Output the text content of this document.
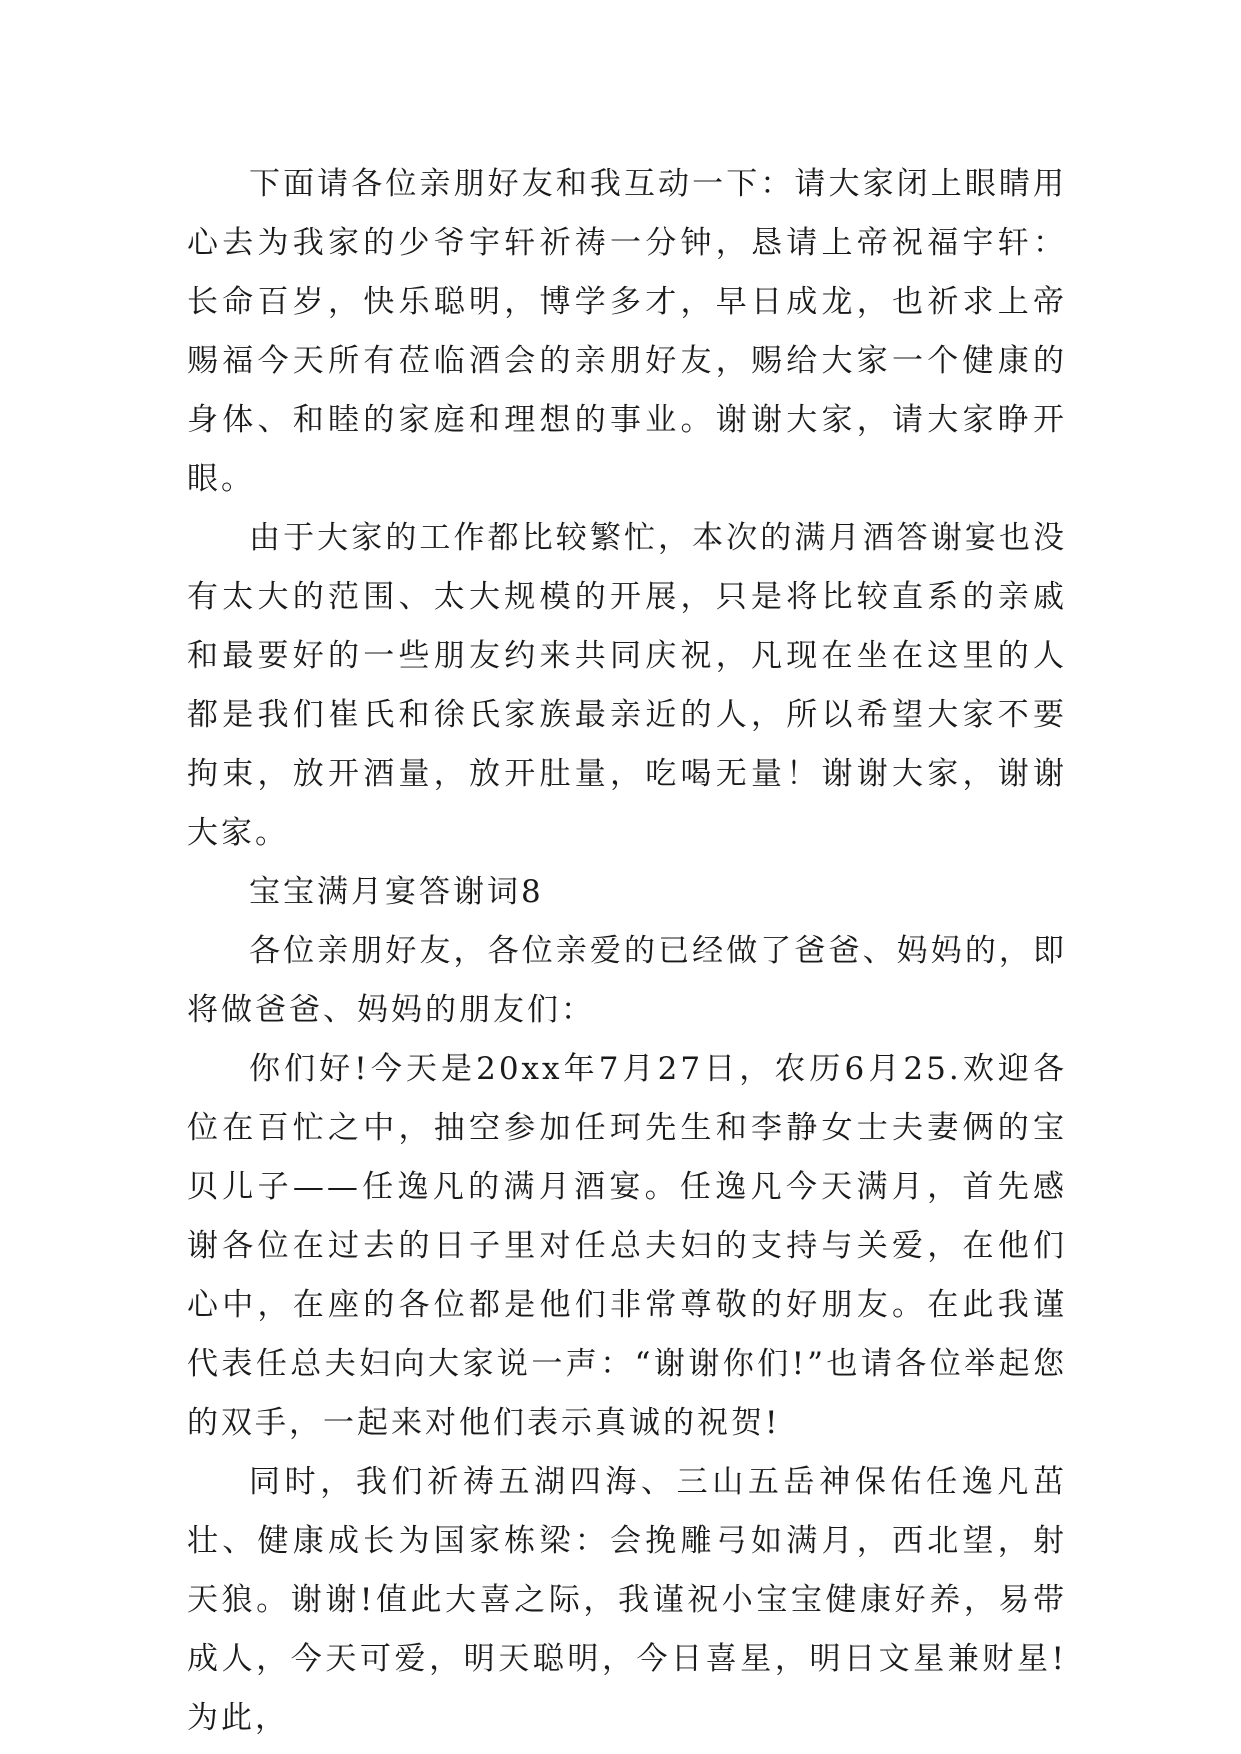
下面请各位亲朋好友和我互动一下：请大家闭上眼睛用心去为我家的少爷宇轩祈祷一分钟，恳请上帝祝福宇轩：长命百岁，快乐聪明，博学多才，早日成龙，也祈求上帝赐福今天所有莅临酒会的亲朋好友，赐给大家一个健康的身体、和睦的家庭和理想的事业。谢谢大家，请大家睁开眼。

由于大家的工作都比较繁忙，本次的满月酒答谢宴也没有太大的范围、太大规模的开展，只是将比较直系的亲戚和最要好的一些朋友约来共同庆祝，凡现在坐在这里的人都是我们崔氏和徐氏家族最亲近的人，所以希望大家不要拘束，放开酒量，放开肚量，吃喝无量！谢谢大家，谢谢大家。

宝宝满月宴答谢词8

各位亲朋好友，各位亲爱的已经做了爸爸、妈妈的，即将做爸爸、妈妈的朋友们：

你们好!今天是20xx年7月27日，农历6月25.欢迎各位在百忙之中，抽空参加任珂先生和李静女士夫妻俩的宝贝儿子——任逸凡的满月酒宴。任逸凡今天满月，首先感谢各位在过去的日子里对任总夫妇的支持与关爱，在他们心中，在座的各位都是他们非常尊敬的好朋友。在此我谨代表任总夫妇向大家说一声：“谢谢你们!”也请各位举起您的双手，一起来对他们表示真诚的祝贺!

同时，我们祈祷五湖四海、三山五岳神保佑任逸凡茁壮、健康成长为国家栋梁：会挽雕弓如满月，西北望，射天狼。谢谢!值此大喜之际，我谨祝小宝宝健康好养，易带成人，今天可爱，明天聪明，今日喜星，明日文星兼财星!为此，
